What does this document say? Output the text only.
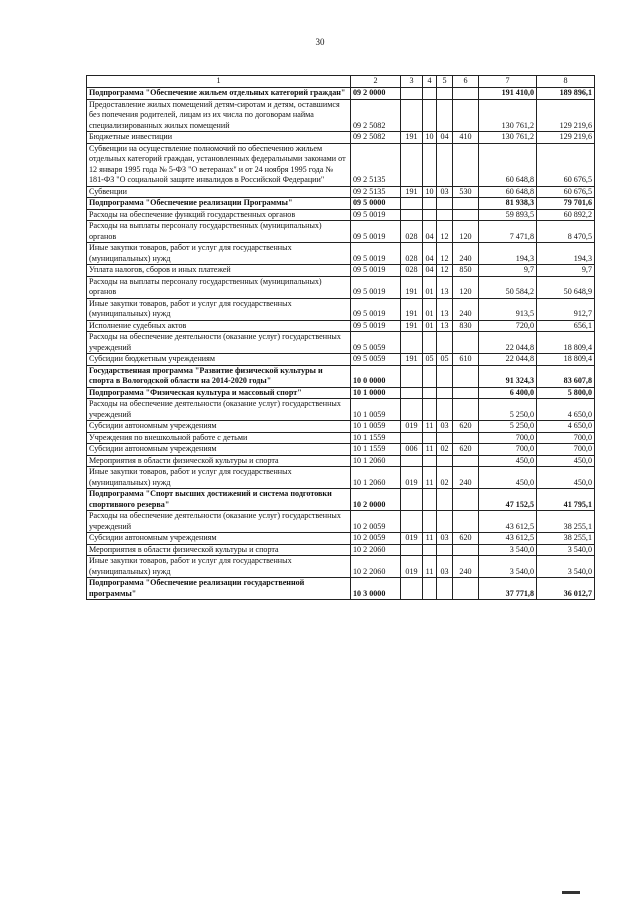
30
1	2	3	4	5	6	7	8
Подпрограмма "Обеспечение жильем отдельных категорий граждан"	09 2 0000					191 410,0	189 896,1
Предоставление жилых помещений детям-сиротам и детям, оставшимся без попечения родителей, лицам из их числа по договорам найма специализированных жилых помещений	09 2 5082					130 761,2	129 219,6
Бюджетные инвестиции	09 2 5082	191	10	04	410	130 761,2	129 219,6
Субвенции на осуществление полномочий по обеспечению жильем отдельных категорий граждан, установленных федеральными законами от 12 января 1995 года № 5-ФЗ "О ветеранах" и от 24 ноября 1995 года № 181-ФЗ "О социальной защите инвалидов в Российской Федерации"	09 2 5135					60 648,8	60 676,5
Субвенции	09 2 5135	191	10	03	530	60 648,8	60 676,5
Подпрограмма "Обеспечение реализации Программы"	09 5 0000					81 938,3	79 701,6
Расходы на обеспечение функций государственных органов	09 5 0019					59 893,5	60 892,2
Расходы на выплаты персоналу государственных (муниципальных) органов	09 5 0019	028	04	12	120	7 471,8	8 470,5
Иные закупки товаров, работ и услуг для государственных (муниципальных) нужд	09 5 0019	028	04	12	240	194,3	194,3
Уплата налогов, сборов и иных платежей	09 5 0019	028	04	12	850	9,7	9,7
Расходы на выплаты персоналу государственных (муниципальных) органов	09 5 0019	191	01	13	120	50 584,2	50 648,9
Иные закупки товаров, работ и услуг для государственных (муниципальных) нужд	09 5 0019	191	01	13	240	913,5	912,7
Исполнение судебных актов	09 5 0019	191	01	13	830	720,0	656,1
Расходы на обеспечение деятельности (оказание услуг) государственных учреждений	09 5 0059					22 044,8	18 809,4
Субсидии бюджетным учреждениям	09 5 0059	191	05	05	610	22 044,8	18 809,4
Государственная программа "Развитие физической культуры и спорта в Вологодской области на 2014-2020 годы"	10 0 0000					91 324,3	83 607,8
Подпрограмма "Физическая культура и массовый спорт"	10 1 0000					6 400,0	5 800,0
Расходы на обеспечение деятельности (оказание услуг) государственных учреждений	10 1 0059					5 250,0	4 650,0
Субсидии автономным учреждениям	10 1 0059	019	11	03	620	5 250,0	4 650,0
Учреждения по внешкольной работе с детьми	10 1 1559					700,0	700,0
Субсидии автономным учреждениям	10 1 1559	006	11	02	620	700,0	700,0
Мероприятия в области физической культуры и спорта	10 1 2060					450,0	450,0
Иные закупки товаров, работ и услуг для государственных (муниципальных) нужд	10 1 2060	019	11	02	240	450,0	450,0
Подпрограмма "Спорт высших достижений и система подготовки спортивного резерва"	10 2 0000					47 152,5	41 795,1
Расходы на обеспечение деятельности (оказание услуг) государственных учреждений	10 2 0059					43 612,5	38 255,1
Субсидии автономным учреждениям	10 2 0059	019	11	03	620	43 612,5	38 255,1
Мероприятия в области физической культуры и спорта	10 2 2060					3 540,0	3 540,0
Иные закупки товаров, работ и услуг для государственных (муниципальных) нужд	10 2 2060	019	11	03	240	3 540,0	3 540,0
Подпрограмма "Обеспечение реализации государственной программы"	10 3 0000					37 771,8	36 012,7
